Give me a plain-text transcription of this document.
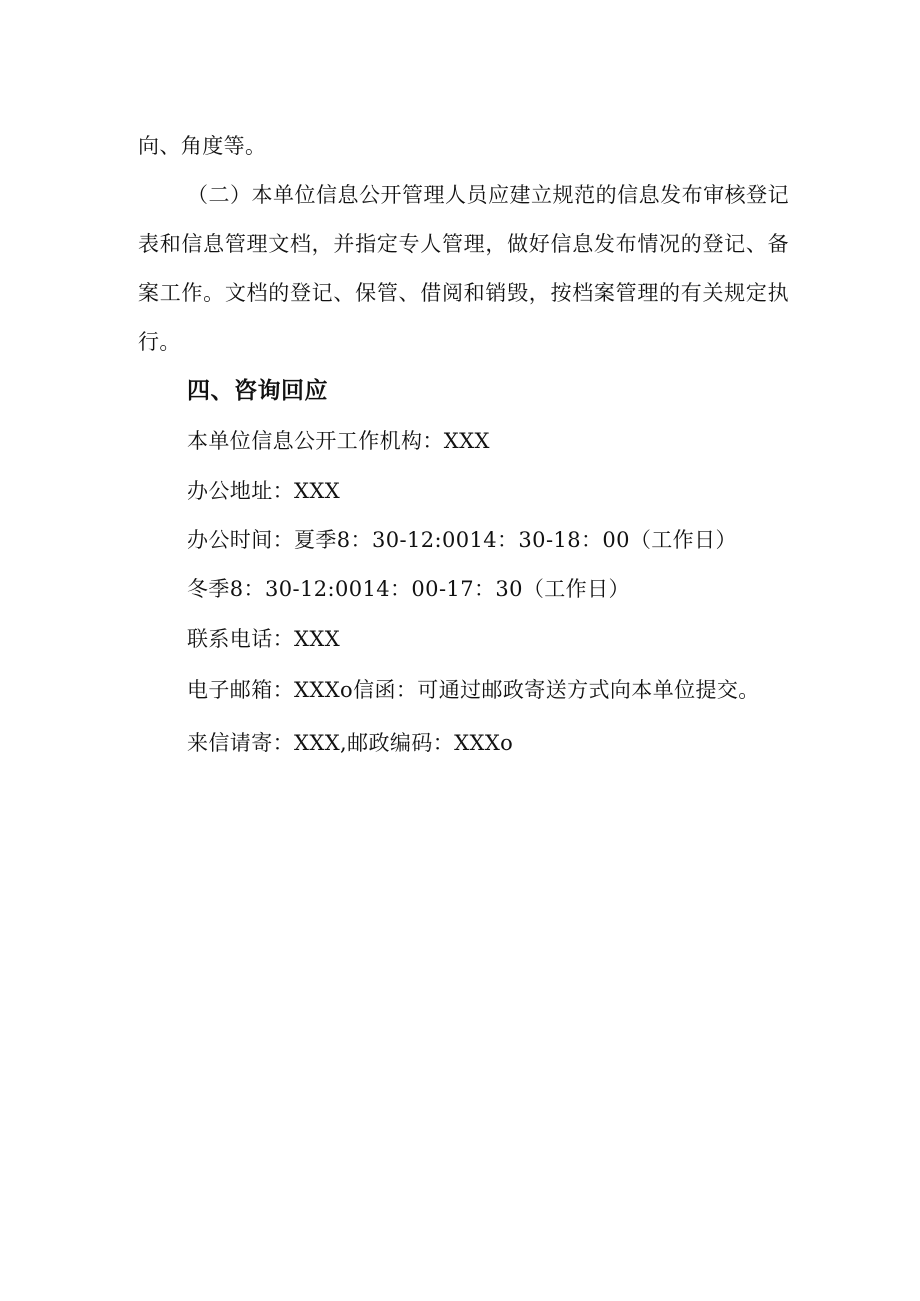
向、角度等。

（二）本单位信息公开管理人员应建立规范的信息发布审核登记

表和信息管理文档，并指定专人管理，做好信息发布情况的登记、备

案工作。文档的登记、保管、借阅和销毁，按档案管理的有关规定执

行。

四、咨询回应

本单位信息公开工作机构：XXX

办公地址：XXX

办公时间：夏季8：30-12:0014：30-18：00（工作日）

冬季8：30-12:0014：00-17：30（工作日）

联系电话：XXX

电子邮箱：XXXo信函：可通过邮政寄送方式向本单位提交。

来信请寄：XXX,邮政编码：XXXo
